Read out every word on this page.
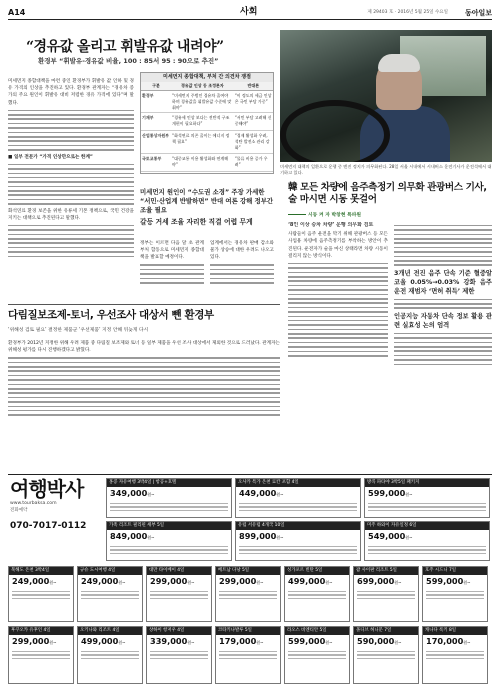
A14	사회	제 29403 호 · 2016년 5월 25일 수요일 동아일보
“경유값 올리고 휘발유값 내려야”
환경부 “휘발유-경유값 비율, 100 : 85서 95 : 90으로 추진”

미세먼지 종합대책을 마련 중인 환경부가 휘발유 값 인하 및 경유 가격의 인상을 추진하고 있다. 환경부 관계자는 “경유차 증가의 주요 원인이 휘발유 대비 저렴한 경유 가격에 있다”며 말했다.

■ 일부 전문가 “가격 인상만으로는 한계”

화석연료 환경 보존을 위한 유류세 기본 정책으로, 국민 건강을 지키는 대책으로 추진된다고 말했다.

미세먼지 종합대책, 부처 간 의견차 쟁점
구분	경유값 인상 등 조정론자	반대론
환경부	“미세먼지 주범인 경유차 줄여야 하며 경유값을 휘발유값 수준에 맞춰야”	“이 정도의 세금 인상은 국민 부담 가중”
기재부	“경유세 인상 보다는 전반적 구조 개편이 필요하다”	“서민 부담 고려해 신중해야”
산업통상자원부	“화석연료 의존 줄이는 에너지 정책 필요”	“경제 활성화 우려, 석탄 발전소 관리 강화”
국토교통부	“대중교통 이용 활성화와 연계해야”	“물류 비용 증가 우려”
미세먼지 원인이 “수도권 소경” 주장 가세한 “서민·산업계 반발하면” 반대 여론 강해 정부간 조율 필요
갈등 거세 조율 자리한 직결 어렵 무게

정부는 이르면 다음 달 초 관계부처 합동으로 미세먼지 종합대책을 발표할 예정이다.

업계에서는 경유차 판매 감소와 물가 상승에 대한 우려도 나오고 있다.

미세먼지 대책의 일환으로 운행 중 엔진 정지가 의무화된다. 28일 서울 시내에서 시내버스 운전기사가 운전석에서 대기하고 있다.
韓 모든 차량에 음주측정기 의무화 관광버스 기사, 술 마시면 시동 못걸어
시동 켜 자 박창현 특파원

‘8인 이상 승차 차량’ 운행 의무화 검토

사람들이 음주 운전을 막기 위해 관광버스 등 모든 사업용 차량에 음주측정기를 부착하는 방안이 추진된다. 운전자가 술을 마신 상태라면 차량 시동이 걸리지 않는 방식이다.

3개년 전진 음주 단속 기준 혈중알코올 0.05%→0.03% 강화 음주운전 재범자 ‘면허 취득’ 제한

인공지능 자동차 단속 정보 활용 관련 실효성 논의 엄격

다림질보조제-토너, 우선조사 대상서 뺀 환경부
‘위해성 검토 필요’ 결정한 제품군 ‘우선제품’ 지정 안해 뒤늦게 다시

환경부가 2012년 지정한 위해 우려 제품 중 다림질 보조제와 토너 등 일부 제품을 우선 조사 대상에서 제외한 것으로 드러났다. 관계자는 위해성 평가를 다시 진행하겠다고 밝혔다.

여행박사
www.tourbaksa.com
전화예약
070-7017-0112
홍콩 자유여행 3박4일 | 항공+호텔
349,000원~
오사카 특가 온천 료칸 포함 4일
449,000원~
방콕 파타야 3박5일 패키지
599,000원~
가족 리조트 필리핀 세부 5일
849,000원~
유럽 서유럽 4개국 10일
899,000원~
미주 하와이 자유일정 6일
549,000원~
북해도 온천 3박4일
249,000원~
규슈 도시여행 4일
249,000원~
대만 타이베이 4일
299,000원~
베트남 다낭 5일
299,000원~
싱가포르 빈탄 5일
499,000원~
괌 사이판 리조트 5일
699,000원~
호주 시드니 7일
599,000원~
후쿠오카 유후인 4일
299,000원~
오키나와 리조트 4일
499,000원~
상하이 항저우 4일
339,000원~
코타키나발루 5일
179,000원~
라오스 비엔티안 5일
599,000원~
몰디브 허니문 7일
590,000원~
캐나다 록키 8일
170,000원~
